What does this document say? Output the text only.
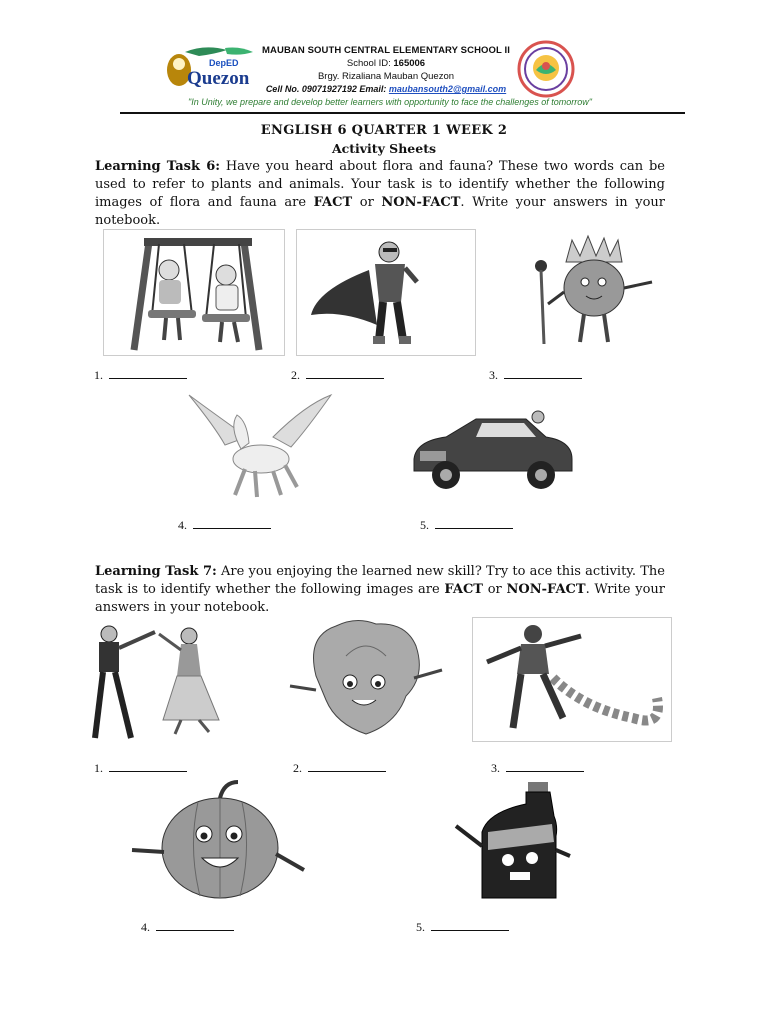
DepED
Quezon
MAUBAN SOUTH CENTRAL ELEMENTARY SCHOOL II
School ID: 165006
Brgy. Rizaliana Mauban Quezon
Cell No. 09071927192 Email: maubansouth2@gmail.com
"In Unity, we prepare and develop better learners with opportunity to face the challenges of tomorrow"
ENGLISH 6 QUARTER 1 WEEK 2
Activity Sheets
Learning Task 6: Have you heard about flora and fauna? These two words can be used to refer to plants and animals. Your task is to identify whether the following images of flora and fauna are FACT or NON-FACT. Write your answers in your notebook.
1.	2.	3.
4.	5.
Learning Task 7: Are you enjoying the learned new skill? Try to ace this activity. The task is to identify whether the following images are FACT or NON-FACT. Write your answers in your notebook.
1.	2.	3.
4.	5.
